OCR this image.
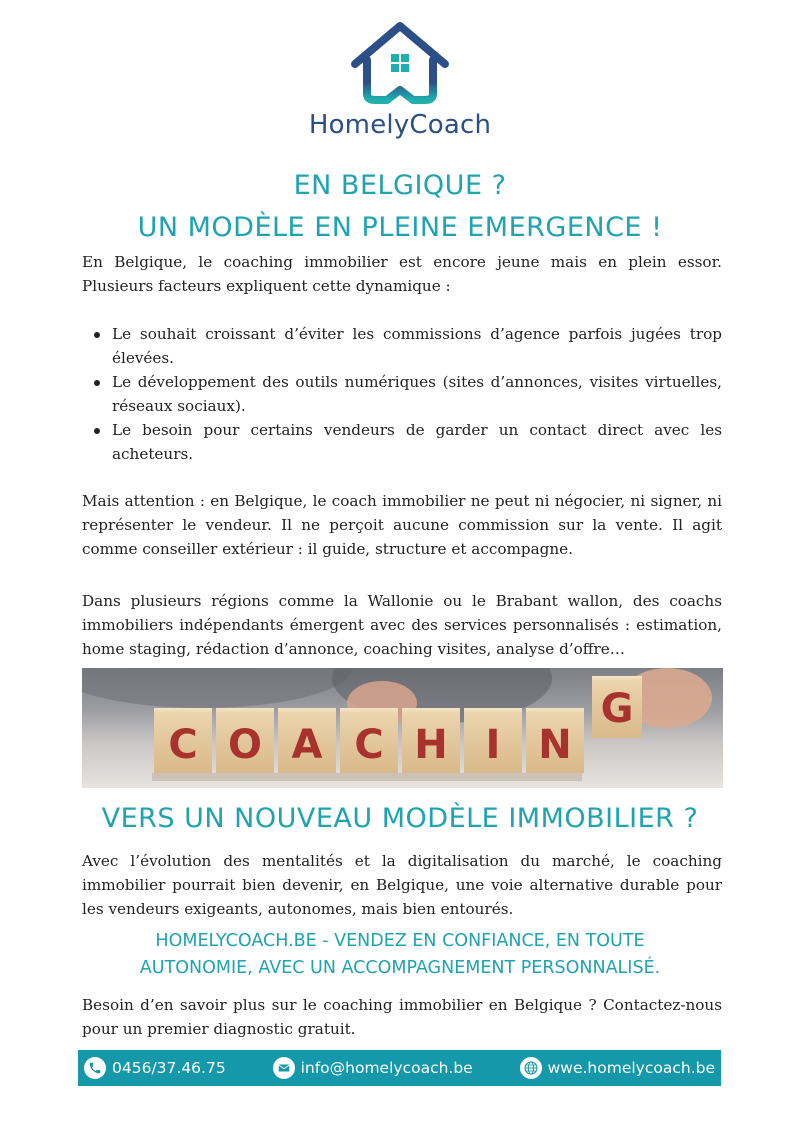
HomelyCoach
EN BELGIQUE ?
UN MODÈLE EN PLEINE EMERGENCE !
En Belgique, le coaching immobilier est encore jeune mais en plein essor. Plusieurs facteurs expliquent cette dynamique :
Le souhait croissant d’éviter les commissions d’agence parfois jugées trop élevées.
Le développement des outils numériques (sites d’annonces, visites virtuelles, réseaux sociaux).
Le besoin pour certains vendeurs de garder un contact direct avec les acheteurs.
Mais attention : en Belgique, le coach immobilier ne peut ni négocier, ni signer, ni représenter le vendeur. Il ne perçoit aucune commission sur la vente. Il agit comme conseiller extérieur : il guide, structure et accompagne.
Dans plusieurs régions comme la Wallonie ou le Brabant wallon, des coachs immobiliers indépendants émergent avec des services personnalisés : estimation, home staging, rédaction d’annonce, coaching visites, analyse d’offre…
C O A C H I N
G
VERS UN NOUVEAU MODÈLE IMMOBILIER ?
Avec l’évolution des mentalités et la digitalisation du marché, le coaching immobilier pourrait bien devenir, en Belgique, une voie alternative durable pour les vendeurs exigeants, autonomes, mais bien entourés.
HOMELYCOACH.BE - VENDEZ EN CONFIANCE, EN TOUTE
AUTONOMIE, AVEC UN ACCOMPAGNEMENT PERSONNALISÉ.
Besoin d’en savoir plus sur le coaching immobilier en Belgique ? Contactez-nous pour un premier diagnostic gratuit.
0456/37.46.75	info@homelycoach.be	wwe.homelycoach.be
